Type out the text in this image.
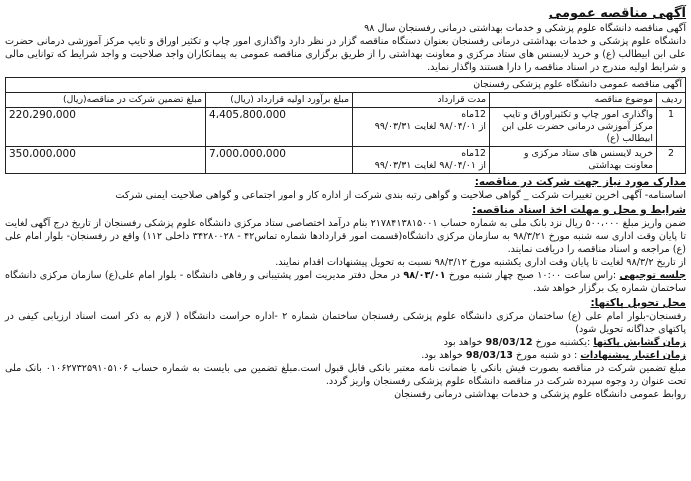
آگهی مناقصه عمومی

آگهی مناقصه دانشگاه علوم پزشکی و خدمات بهداشتی درمانی رفسنجان سال ۹۸

دانشگاه علوم پزشکی و خدمات بهداشتی درمانی رفسنجان بعنوان دستگاه مناقصه گزار در نظر دارد واگذاری امور چاپ و تکثیر اوراق و تایپ مرکز آموزشی درمانی حضرت علی ابن ابیطالب (ع) و خرید لایسنس های ستاد مرکزی و معاونت بهداشتی را از طریق برگزاری مناقصه عمومی به پیمانکاران واجد صلاحیت و واجد شرایط که توانایی مالی و شرایط اولیه مندرج در اسناد مناقصه را دارا هستند واگذار نماید.

آگهی مناقصه عمومی دانشگاه علوم پزشکی رفسنجان				
ردیف	موضوع مناقصه	مدت قرارداد	مبلغ برآورد اولیه قرارداد (ریال)	مبلغ تضمین شرکت در مناقصه(ریال)
1	واگذاری امور چاپ و تکثیراوراق و تایپ مرکز آموزشی درمانی حضرت علی ابن ابیطالب (ع)	12ماه
از ۹۸/۰۴/۰۱ لغایت ۹۹/۰۳/۳۱	4،405،800،000	220،290،000
2	خرید لایسنس های ستاد مرکزی و معاونت بهداشتی	12ماه
از ۹۸/۰۴/۰۱ لغایت ۹۹/۰۳/۳۱	7،000،000،000	350،000،000
مدارک مورد نیاز جهت شرکت در مناقصه:

اساسنامه- آگهی اخرین تغییرات شرکت _ گواهی صلاحیت و گواهی رتبه بندی شرکت از اداره کار و امور اجتماعی و گواهی صلاحیت ایمنی شرکت

شرایط و محل و مهلت اخذ اسناد مناقصه:

ضمن واریز مبلغ ۵۰۰،۰۰۰ ریال نزد بانک ملی به شماره حساب ۲۱۷۸۴۱۳۸۱۵۰۰۱ بنام درآمد اختصاصی ستاد مرکزی دانشگاه علوم پزشکی رفسنجان از تاریخ درج آگهی لغایت تا پایان وقت اداری سه شنبه مورخ ۹۸/۳/۲۱ به سازمان مرکزی دانشگاه(قسمت امور قراردادها شماره تماس۴۲ - ۳۴۲۸۰۰۲۸ داخلی ۱۱۲) واقع در رفسنجان- بلوار امام علی (ع) مراجعه و اسناد مناقصه را دریافت نمایند.

از تاریخ ۹۸/۳/۲ لغایت تا پایان وقت اداری یکشنبه مورخ ۹۸/۳/۱۲ نسبت به تحویل پیشنهادات اقدام نمایند.

جلسه توجیهی :راس ساعت ۱۰:۰۰ صبح چهار شنبه مورخ ۹۸/۰۳/۰۱ در محل دفتر مدیریت امور پشتیبانی و رفاهی دانشگاه - بلوار امام علی(ع) سازمان مرکزی دانشگاه ساختمان شماره یک برگزار خواهد شد.

محل تحویل پاکتها:

رفسنجان-بلوار امام علی (ع) ساختمان مرکزی دانشگاه علوم پزشکی رفسنجان ساختمان شماره ۲ -اداره حراست دانشگاه ( لازم به ذکر است اسناد ارزیابی کیفی در پاکتهای جداگانه تحویل شود)

زمان گشایش پاکتها :یکشنبه مورخ 98/03/12 خواهد بود

زمان اعتبار پیشنهادات : دو شنبه مورخ 98/03/13 خواهد بود.

مبلغ تضمین شرکت در مناقصه بصورت فیش بانکی یا ضمانت نامه معتبر بانکی قابل قبول است.مبلغ تضمین می بایست به شماره حساب ۰۱۰۶۲۷۳۲۵۹۱۰۵۱۰۶ بانک ملی تحت عنوان رد وجوه سپرده شرکت در مناقصه دانشگاه علوم پزشکی رفسنجان واریز گردد.

روابط عمومی دانشگاه علوم پزشکی و خدمات بهداشتی درمانی رفسنجان
